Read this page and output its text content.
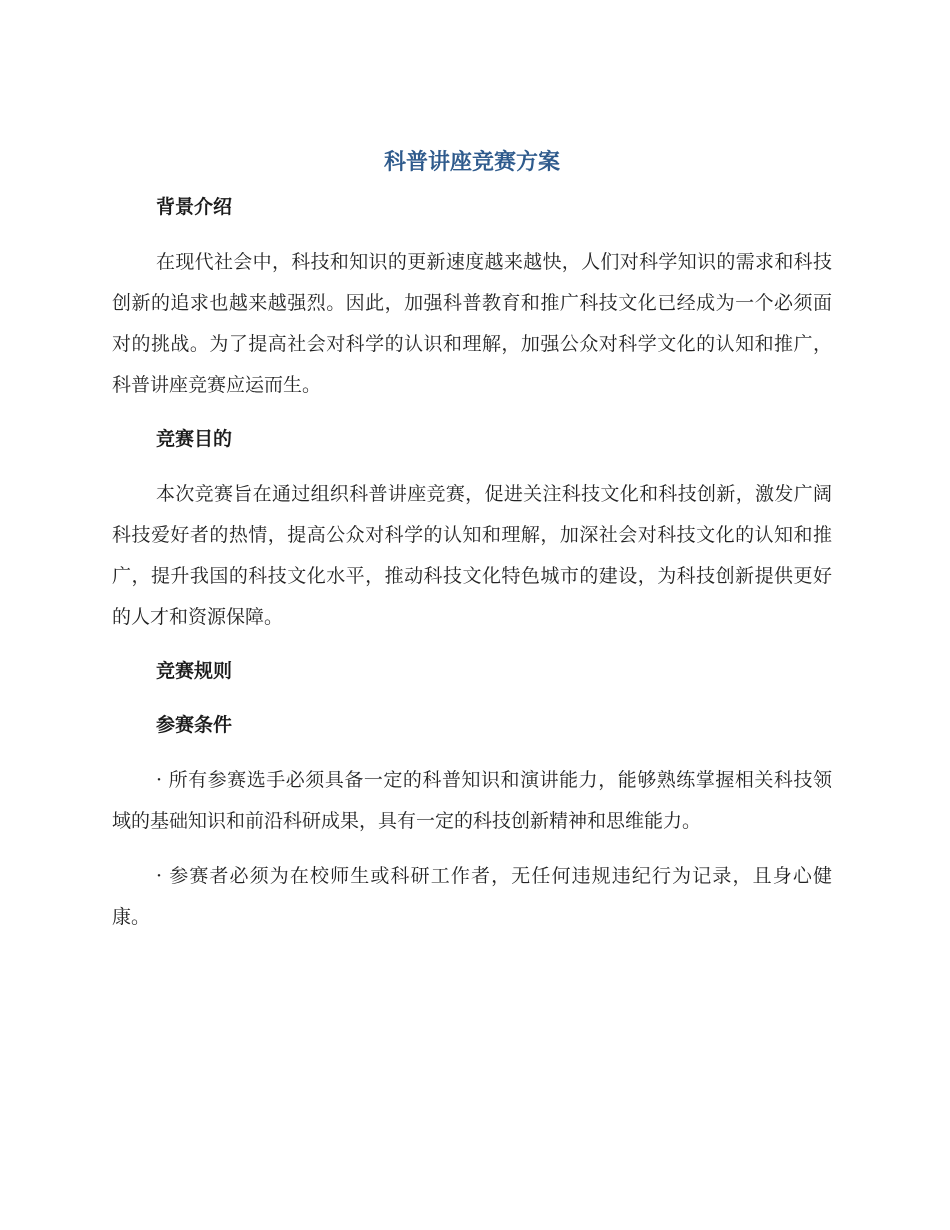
科普讲座竞赛方案
背景介绍

在现代社会中，科技和知识的更新速度越来越快，人们对科学知识的需求和科技创新的追求也越来越强烈。因此，加强科普教育和推广科技文化已经成为一个必须面对的挑战。为了提高社会对科学的认识和理解，加强公众对科学文化的认知和推广，科普讲座竞赛应运而生。

竞赛目的

本次竞赛旨在通过组织科普讲座竞赛，促进关注科技文化和科技创新，激发广阔科技爱好者的热情，提高公众对科学的认知和理解，加深社会对科技文化的认知和推广，提升我国的科技文化水平，推动科技文化特色城市的建设，为科技创新提供更好的人才和资源保障。

竞赛规则
参赛条件

· 所有参赛选手必须具备一定的科普知识和演讲能力，能够熟练掌握相关科技领域的基础知识和前沿科研成果，具有一定的科技创新精神和思维能力。

· 参赛者必须为在校师生或科研工作者，无任何违规违纪行为记录，且身心健康。
